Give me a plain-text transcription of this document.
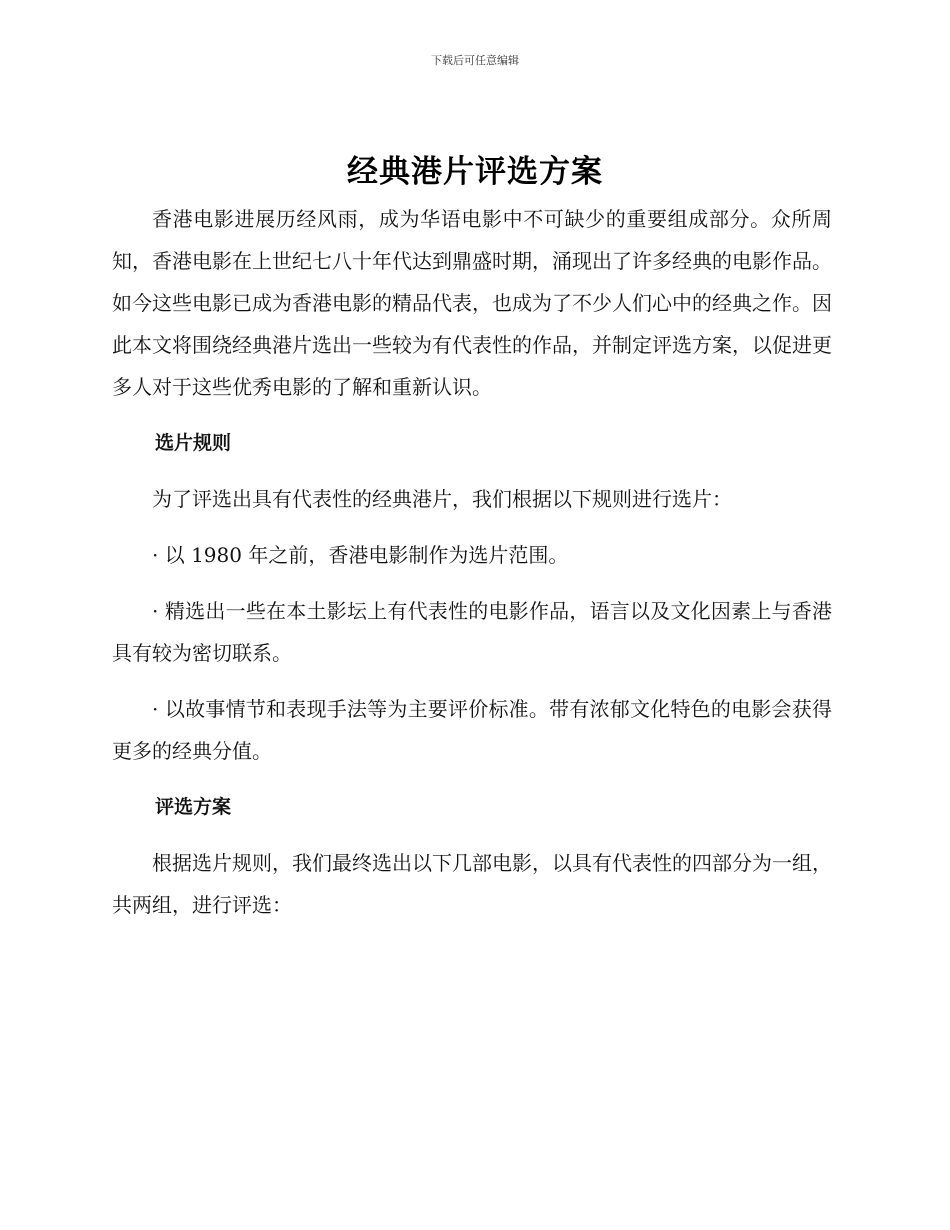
下载后可任意编辑
经典港片评选方案

香港电影进展历经风雨，成为华语电影中不可缺少的重要组成部分。众所周知，香港电影在上世纪七八十年代达到鼎盛时期，涌现出了许多经典的电影作品。如今这些电影已成为香港电影的精品代表，也成为了不少人们心中的经典之作。因此本文将围绕经典港片选出一些较为有代表性的作品，并制定评选方案，以促进更多人对于这些优秀电影的了解和重新认识。

选片规则

为了评选出具有代表性的经典港片，我们根据以下规则进行选片：

· 以 1980 年之前，香港电影制作为选片范围。

· 精选出一些在本土影坛上有代表性的电影作品，语言以及文化因素上与香港具有较为密切联系。

· 以故事情节和表现手法等为主要评价标准。带有浓郁文化特色的电影会获得更多的经典分值。

评选方案

根据选片规则，我们最终选出以下几部电影，以具有代表性的四部分为一组，共两组，进行评选：
